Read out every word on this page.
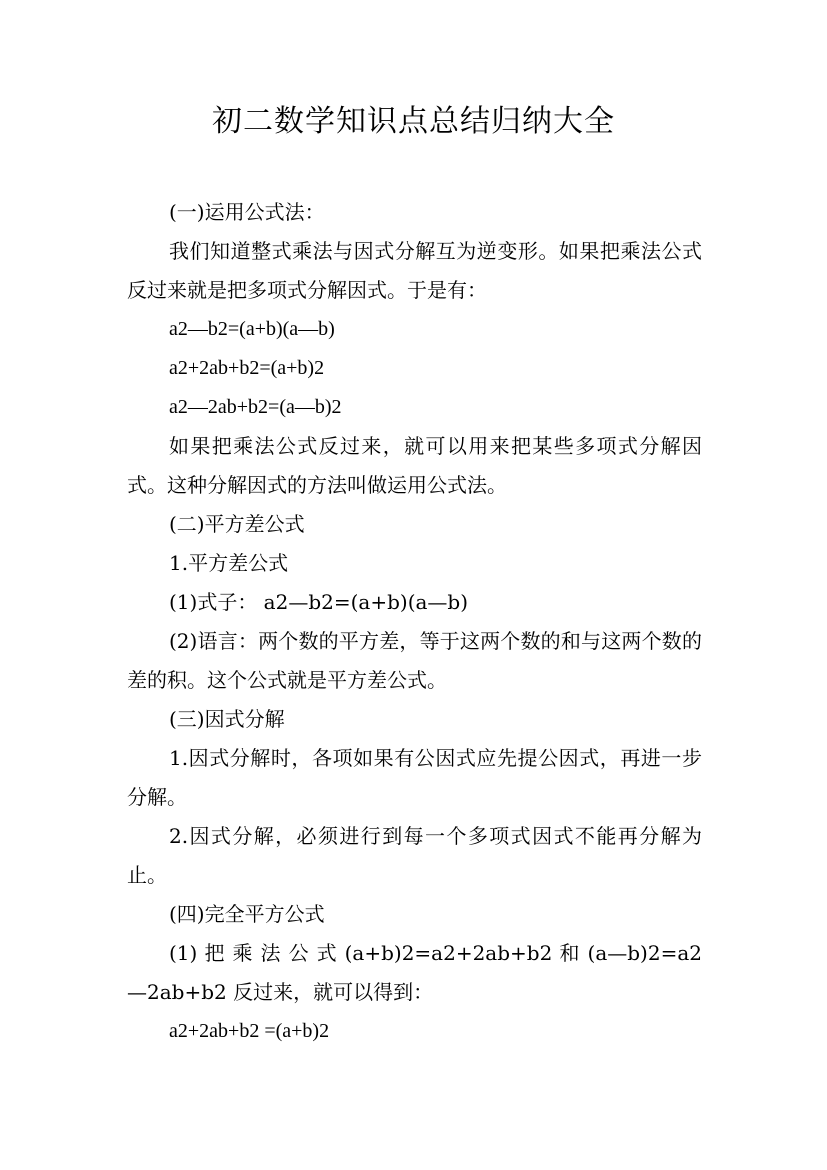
初二数学知识点总结归纳大全

(一)运用公式法：

我们知道整式乘法与因式分解互为逆变形。如果把乘法公式反过来就是把多项式分解因式。于是有：

a2—b2=(a+b)(a—b)

a2+2ab+b2=(a+b)2

a2—2ab+b2=(a—b)2

如果把乘法公式反过来，就可以用来把某些多项式分解因式。这种分解因式的方法叫做运用公式法。

(二)平方差公式

1.平方差公式

(1)式子： a2—b2=(a+b)(a—b)

(2)语言：两个数的平方差，等于这两个数的和与这两个数的差的积。这个公式就是平方差公式。

(三)因式分解

1.因式分解时，各项如果有公因式应先提公因式，再进一步分解。

2.因式分解，必须进行到每一个多项式因式不能再分解为止。

(四)完全平方公式

(1) 把 乘 法 公 式 (a+b)2=a2+2ab+b2 和 (a—b)2=a2—2ab+b2 反过来，就可以得到：

a2+2ab+b2 =(a+b)2
